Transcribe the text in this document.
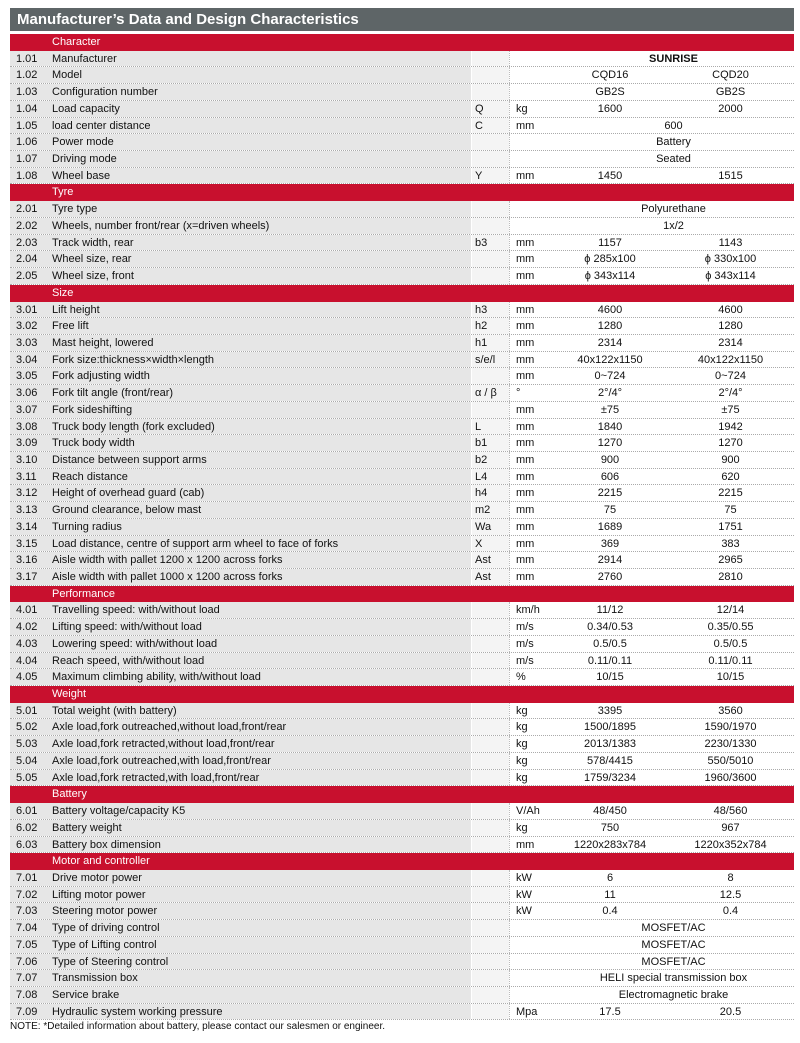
Manufacturer’s Data and Design Characteristics
Character
1.01	Manufacturer	SUNRISE
1.02	Model	CQD16	CQD20
1.03	Configuration number	GB2S	GB2S
1.04	Load capacity	Q	kg	1600	2000
1.05	load center distance	C	mm	600
1.06	Power mode	Battery
1.07	Driving mode	Seated
1.08	Wheel base	Y	mm	1450	1515
Tyre
2.01	Tyre type	Polyurethane
2.02	Wheels, number front/rear (x=driven wheels)	1x/2
2.03	Track width, rear	b3	mm	1157	1143
2.04	Wheel size, rear	mm	ϕ 285x100	ϕ 330x100
2.05	Wheel size, front	mm	ϕ 343x114	ϕ 343x114
Size
3.01	Lift height	h3	mm	4600	4600
3.02	Free lift	h2	mm	1280	1280
3.03	Mast height, lowered	h1	mm	2314	2314
3.04	Fork size:thickness×width×length	s/e/l	mm	40x122x1150	40x122x1150
3.05	Fork adjusting width	mm	0~724	0~724
3.06	Fork tilt angle (front/rear)	α / β	°	2°/4°	2°/4°
3.07	Fork sideshifting	mm	±75	±75
3.08	Truck body length (fork excluded)	L	mm	1840	1942
3.09	Truck body width	b1	mm	1270	1270
3.10	Distance between support arms	b2	mm	900	900
3.11	Reach distance	L4	mm	606	620
3.12	Height of overhead guard (cab)	h4	mm	2215	2215
3.13	Ground clearance, below mast	m2	mm	75	75
3.14	Turning radius	Wa	mm	1689	1751
3.15	Load distance, centre of support arm wheel to face of forks	X	mm	369	383
3.16	Aisle width with pallet 1200 x 1200 across forks	Ast	mm	2914	2965
3.17	Aisle width with pallet 1000 x 1200 across forks	Ast	mm	2760	2810
Performance
4.01	Travelling speed: with/without load	km/h	11/12	12/14
4.02	Lifting speed: with/without load	m/s	0.34/0.53	0.35/0.55
4.03	Lowering speed: with/without load	m/s	0.5/0.5	0.5/0.5
4.04	Reach speed, with/without load	m/s	0.11/0.11	0.11/0.11
4.05	Maximum climbing ability, with/without load	%	10/15	10/15
Weight
5.01	Total weight (with battery)	kg	3395	3560
5.02	Axle load,fork outreached,without load,front/rear	kg	1500/1895	1590/1970
5.03	Axle load,fork retracted,without load,front/rear	kg	2013/1383	2230/1330
5.04	Axle load,fork outreached,with load,front/rear	kg	578/4415	550/5010
5.05	Axle load,fork retracted,with load,front/rear	kg	1759/3234	1960/3600
Battery
6.01	Battery voltage/capacity K5	V/Ah	48/450	48/560
6.02	Battery weight	kg	750	967
6.03	Battery box dimension	mm	1220x283x784	1220x352x784
Motor and controller
7.01	Drive motor power	kW	6	8
7.02	Lifting motor power	kW	11	12.5
7.03	Steering motor power	kW	0.4	0.4
7.04	Type of driving control	MOSFET/AC
7.05	Type of Lifting control	MOSFET/AC
7.06	Type of Steering control	MOSFET/AC
7.07	Transmission box	HELI special transmission box
7.08	Service brake	Electromagnetic brake
7.09	Hydraulic system working pressure	Mpa	17.5	20.5
NOTE: *Detailed information about battery, please contact our salesmen or engineer.
